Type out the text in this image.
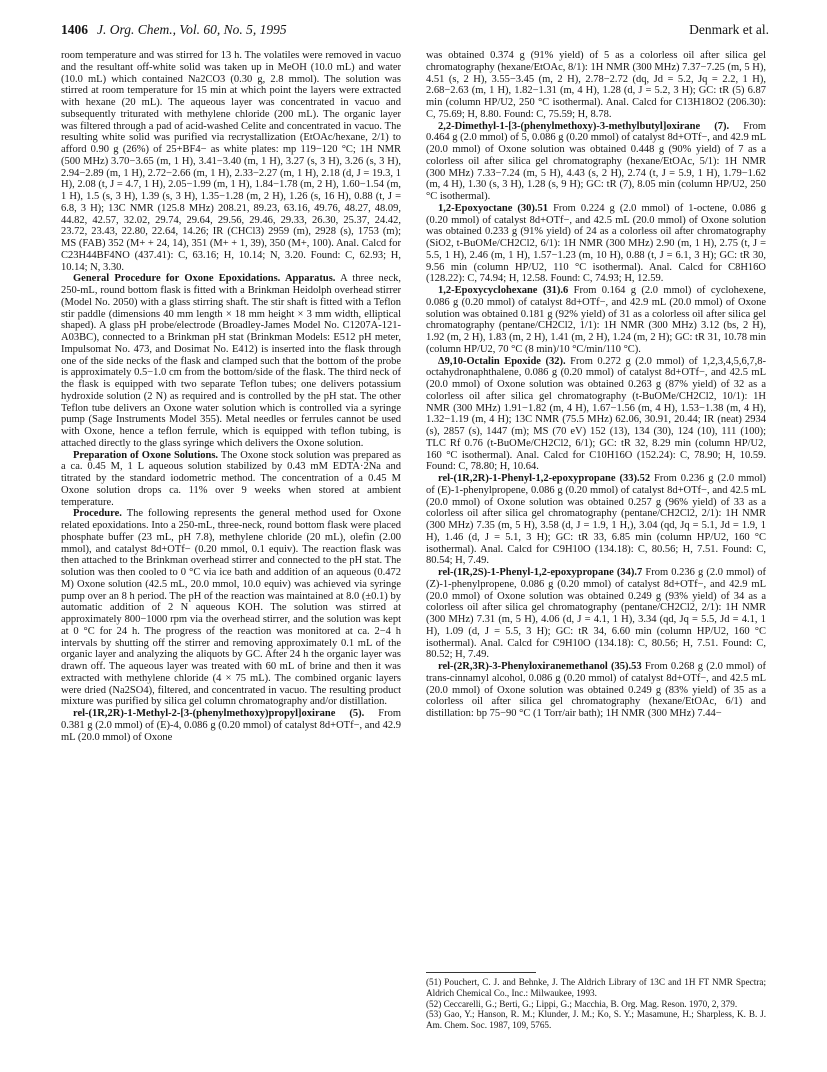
1406 J. Org. Chem., Vol. 60, No. 5, 1995	Denmark et al.

room temperature and was stirred for 13 h. The volatiles were removed in vacuo and the resultant off-white solid was taken up in MeOH (10.0 mL) and water (10.0 mL) which contained Na2CO3 (0.30 g, 2.8 mmol). The solution was stirred at room temperature for 15 min at which point the layers were extracted with hexane (20 mL). The aqueous layer was concentrated in vacuo and subsequently triturated with methylene chloride (200 mL). The organic layer was filtered through a pad of acid-washed Celite and concentrated in vacuo. The resulting white solid was purified via recrystallization (EtOAc/hexane, 2/1) to afford 0.90 g (26%) of 25+BF4− as white plates: mp 119−120 °C; 1H NMR (500 MHz) 3.70−3.65 (m, 1 H), 3.41−3.40 (m, 1 H), 3.27 (s, 3 H), 3.26 (s, 3 H), 2.94−2.89 (m, 1 H), 2.72−2.66 (m, 1 H), 2.33−2.27 (m, 1 H), 2.18 (d, J = 19.3, 1 H), 2.08 (t, J = 4.7, 1 H), 2.05−1.99 (m, 1 H), 1.84−1.78 (m, 2 H), 1.60−1.54 (m, 1 H), 1.5 (s, 3 H), 1.39 (s, 3 H), 1.35−1.28 (m, 2 H), 1.26 (s, 16 H), 0.88 (t, J = 6.8, 3 H); 13C NMR (125.8 MHz) 208.21, 89.23, 63.16, 49.76, 48.27, 48.09, 44.82, 42.57, 32.02, 29.74, 29.64, 29.56, 29.46, 29.33, 26.30, 25.37, 24.42, 23.72, 23.43, 22.80, 22.64, 14.26; IR (CHCl3) 2959 (m), 2928 (s), 1753 (m); MS (FAB) 352 (M+ + 24, 14), 351 (M+ + 1, 39), 350 (M+, 100). Anal. Calcd for C23H44BF4NO (437.41): C, 63.16; H, 10.14; N, 3.20. Found: C, 62.93; H, 10.14; N, 3.30.

General Procedure for Oxone Epoxidations. Apparatus. A three neck, 250-mL, round bottom flask is fitted with a Brinkman Heidolph overhead stirrer (Model No. 2050) with a glass stirring shaft. The stir shaft is fitted with a Teflon stir paddle (dimensions 40 mm length × 18 mm height × 3 mm width, elliptical shaped). A glass pH probe/electrode (Broadley-James Model No. C1207A-121-A03BC), connected to a Brinkman pH stat (Brinkman Models: E512 pH meter, Impulsomat No. 473, and Dosimat No. E412) is inserted into the flask through one of the side necks of the flask and clamped such that the bottom of the probe is approximately 0.5−1.0 cm from the bottom/side of the flask. The third neck of the flask is equipped with two separate Teflon tubes; one delivers potassium hydroxide solution (2 N) as required and is controlled by the pH stat. The other Teflon tube delivers an Oxone water solution which is controlled via a syringe pump (Sage Instruments Model 355). Metal needles or ferrules cannot be used with Oxone, hence a teflon ferrule, which is equipped with teflon tubing, is attached directly to the glass syringe which delivers the Oxone solution.

Preparation of Oxone Solutions. The Oxone stock solution was prepared as a ca. 0.45 M, 1 L aqueous solution stabilized by 0.43 mM EDTA·2Na and titrated by the standard iodometric method. The concentration of a 0.45 M Oxone solution drops ca. 11% over 9 weeks when stored at ambient temperature.

Procedure. The following represents the general method used for Oxone related epoxidations. Into a 250-mL, three-neck, round bottom flask were placed phosphate buffer (23 mL, pH 7.8), methylene chloride (20 mL), olefin (2.00 mmol), and catalyst 8d+OTf− (0.20 mmol, 0.1 equiv). The reaction flask was then attached to the Brinkman overhead stirrer and connected to the pH stat. The solution was then cooled to 0 °C via ice bath and addition of an aqueous (0.472 M) Oxone solution (42.5 mL, 20.0 mmol, 10.0 equiv) was achieved via syringe pump over an 8 h period. The pH of the reaction was maintained at 8.0 (±0.1) by automatic addition of 2 N aqueous KOH. The solution was stirred at approximately 800−1000 rpm via the overhead stirrer, and the solution was kept at 0 °C for 24 h. The progress of the reaction was monitored at ca. 2−4 h intervals by shutting off the stirrer and removing approximately 0.1 mL of the organic layer and analyzing the aliquots by GC. After 24 h the organic layer was drawn off. The aqueous layer was treated with 60 mL of brine and then it was extracted with methylene chloride (4 × 75 mL). The combined organic layers were dried (Na2SO4), filtered, and concentrated in vacuo. The resulting product mixture was purified by silica gel column chromatography and/or distillation.

rel-(1R,2R)-1-Methyl-2-[3-(phenylmethoxy)propyl]oxirane (5). From 0.381 g (2.0 mmol) of (E)-4, 0.086 g (0.20 mmol) of catalyst 8d+OTf−, and 42.9 mL (20.0 mmol) of Oxone

was obtained 0.374 g (91% yield) of 5 as a colorless oil after silica gel chromatography (hexane/EtOAc, 8/1): 1H NMR (300 MHz) 7.37−7.25 (m, 5 H), 4.51 (s, 2 H), 3.55−3.45 (m, 2 H), 2.78−2.72 (dq, Jd = 5.2, Jq = 2.2, 1 H), 2.68−2.63 (m, 1 H), 1.82−1.31 (m, 4 H), 1.28 (d, J = 5.2, 3 H); GC: tR (5) 6.87 min (column HP/U2, 250 °C isothermal). Anal. Calcd for C13H18O2 (206.30): C, 75.69; H, 8.80. Found: C, 75.59; H, 8.78.

2,2-Dimethyl-1-[3-(phenylmethoxy)-3-methylbutyl]oxirane (7). From 0.464 g (2.0 mmol) of 5, 0.086 g (0.20 mmol) of catalyst 8d+OTf−, and 42.9 mL (20.0 mmol) of Oxone solution was obtained 0.448 g (90% yield) of 7 as a colorless oil after silica gel chromatography (hexane/EtOAc, 5/1): 1H NMR (300 MHz) 7.33−7.24 (m, 5 H), 4.43 (s, 2 H), 2.74 (t, J = 5.9, 1 H), 1.79−1.62 (m, 4 H), 1.30 (s, 3 H), 1.28 (s, 9 H); GC: tR (7), 8.05 min (column HP/U2, 250 °C isothermal).

1,2-Epoxyoctane (30).51 From 0.224 g (2.0 mmol) of 1-octene, 0.086 g (0.20 mmol) of catalyst 8d+OTf−, and 42.5 mL (20.0 mmol) of Oxone solution was obtained 0.233 g (91% yield) of 24 as a colorless oil after chromatography (SiO2, t-BuOMe/CH2Cl2, 6/1): 1H NMR (300 MHz) 2.90 (m, 1 H), 2.75 (t, J = 5.5, 1 H), 2.46 (m, 1 H), 1.57−1.23 (m, 10 H), 0.88 (t, J = 6.1, 3 H); GC: tR 30, 9.56 min (column HP/U2, 110 °C isothermal). Anal. Calcd for C8H16O (128.22): C, 74.94; H, 12.58. Found: C, 74.93; H, 12.59.

1,2-Epoxycyclohexane (31).6 From 0.164 g (2.0 mmol) of cyclohexene, 0.086 g (0.20 mmol) of catalyst 8d+OTf−, and 42.9 mL (20.0 mmol) of Oxone solution was obtained 0.181 g (92% yield) of 31 as a colorless oil after silica gel chromatography (pentane/CH2Cl2, 1/1): 1H NMR (300 MHz) 3.12 (bs, 2 H), 1.92 (m, 2 H), 1.83 (m, 2 H), 1.41 (m, 2 H), 1.24 (m, 2 H); GC: tR 31, 10.78 min (column HP/U2, 70 °C (8 min)/10 °C/min/110 °C).

Δ9,10-Octalin Epoxide (32). From 0.272 g (2.0 mmol) of 1,2,3,4,5,6,7,8-octahydronaphthalene, 0.086 g (0.20 mmol) of catalyst 8d+OTf−, and 42.5 mL (20.0 mmol) of Oxone solution was obtained 0.263 g (87% yield) of 32 as a colorless oil after silica gel chromatography (t-BuOMe/CH2Cl2, 10/1): 1H NMR (300 MHz) 1.91−1.82 (m, 4 H), 1.67−1.56 (m, 4 H), 1.53−1.38 (m, 4 H), 1.32−1.19 (m, 4 H); 13C NMR (75.5 MHz) 62.06, 30.91, 20.44; IR (neat) 2934 (s), 2857 (s), 1447 (m); MS (70 eV) 152 (13), 134 (30), 124 (10), 111 (100); TLC Rf 0.76 (t-BuOMe/CH2Cl2, 6/1); GC: tR 32, 8.29 min (column HP/U2, 160 °C isothermal). Anal. Calcd for C10H16O (152.24): C, 78.90; H, 10.59. Found: C, 78.80; H, 10.64.

rel-(1R,2R)-1-Phenyl-1,2-epoxypropane (33).52 From 0.236 g (2.0 mmol) of (E)-1-phenylpropene, 0.086 g (0.20 mmol) of catalyst 8d+OTf−, and 42.5 mL (20.0 mmol) of Oxone solution was obtained 0.257 g (96% yield) of 33 as a colorless oil after silica gel chromatography (pentane/CH2Cl2, 2/1): 1H NMR (300 MHz) 7.35 (m, 5 H), 3.58 (d, J = 1.9, 1 H,), 3.04 (qd, Jq = 5.1, Jd = 1.9, 1 H), 1.46 (d, J = 5.1, 3 H); GC: tR 33, 6.85 min (column HP/U2, 160 °C isothermal). Anal. Calcd for C9H10O (134.18): C, 80.56; H, 7.51. Found: C, 80.54; H, 7.49.

rel-(1R,2S)-1-Phenyl-1,2-epoxypropane (34).7 From 0.236 g (2.0 mmol) of (Z)-1-phenylpropene, 0.086 g (0.20 mmol) of catalyst 8d+OTf−, and 42.9 mL (20.0 mmol) of Oxone solution was obtained 0.249 g (93% yield) of 34 as a colorless oil after silica gel chromatography (pentane/CH2Cl2, 2/1): 1H NMR (300 MHz) 7.31 (m, 5 H), 4.06 (d, J = 4.1, 1 H), 3.34 (qd, Jq = 5.5, Jd = 4.1, 1 H), 1.09 (d, J = 5.5, 3 H); GC: tR 34, 6.60 min (column HP/U2, 160 °C isothermal). Anal. Calcd for C9H10O (134.18): C, 80.56; H, 7.51. Found: C, 80.52; H, 7.49.

rel-(2R,3R)-3-Phenyloxiranemethanol (35).53 From 0.268 g (2.0 mmol) of trans-cinnamyl alcohol, 0.086 g (0.20 mmol) of catalyst 8d+OTf−, and 42.5 mL (20.0 mmol) of Oxone solution was obtained 0.249 g (83% yield) of 35 as a colorless oil after silica gel chromatography (hexane/EtOAc, 6/1) and distillation: bp 75−90 °C (1 Torr/air bath); 1H NMR (300 MHz) 7.44−

(51) Pouchert, C. J. and Behnke, J. The Aldrich Library of 13C and 1H FT NMR Spectra; Aldrich Chemical Co., Inc.: Milwaukee, 1993.

(52) Ceccarelli, G.; Berti, G.; Lippi, G.; Macchia, B. Org. Mag. Reson. 1970, 2, 379.

(53) Gao, Y.; Hanson, R. M.; Klunder, J. M.; Ko, S. Y.; Masamune, H.; Sharpless, K. B. J. Am. Chem. Soc. 1987, 109, 5765.
